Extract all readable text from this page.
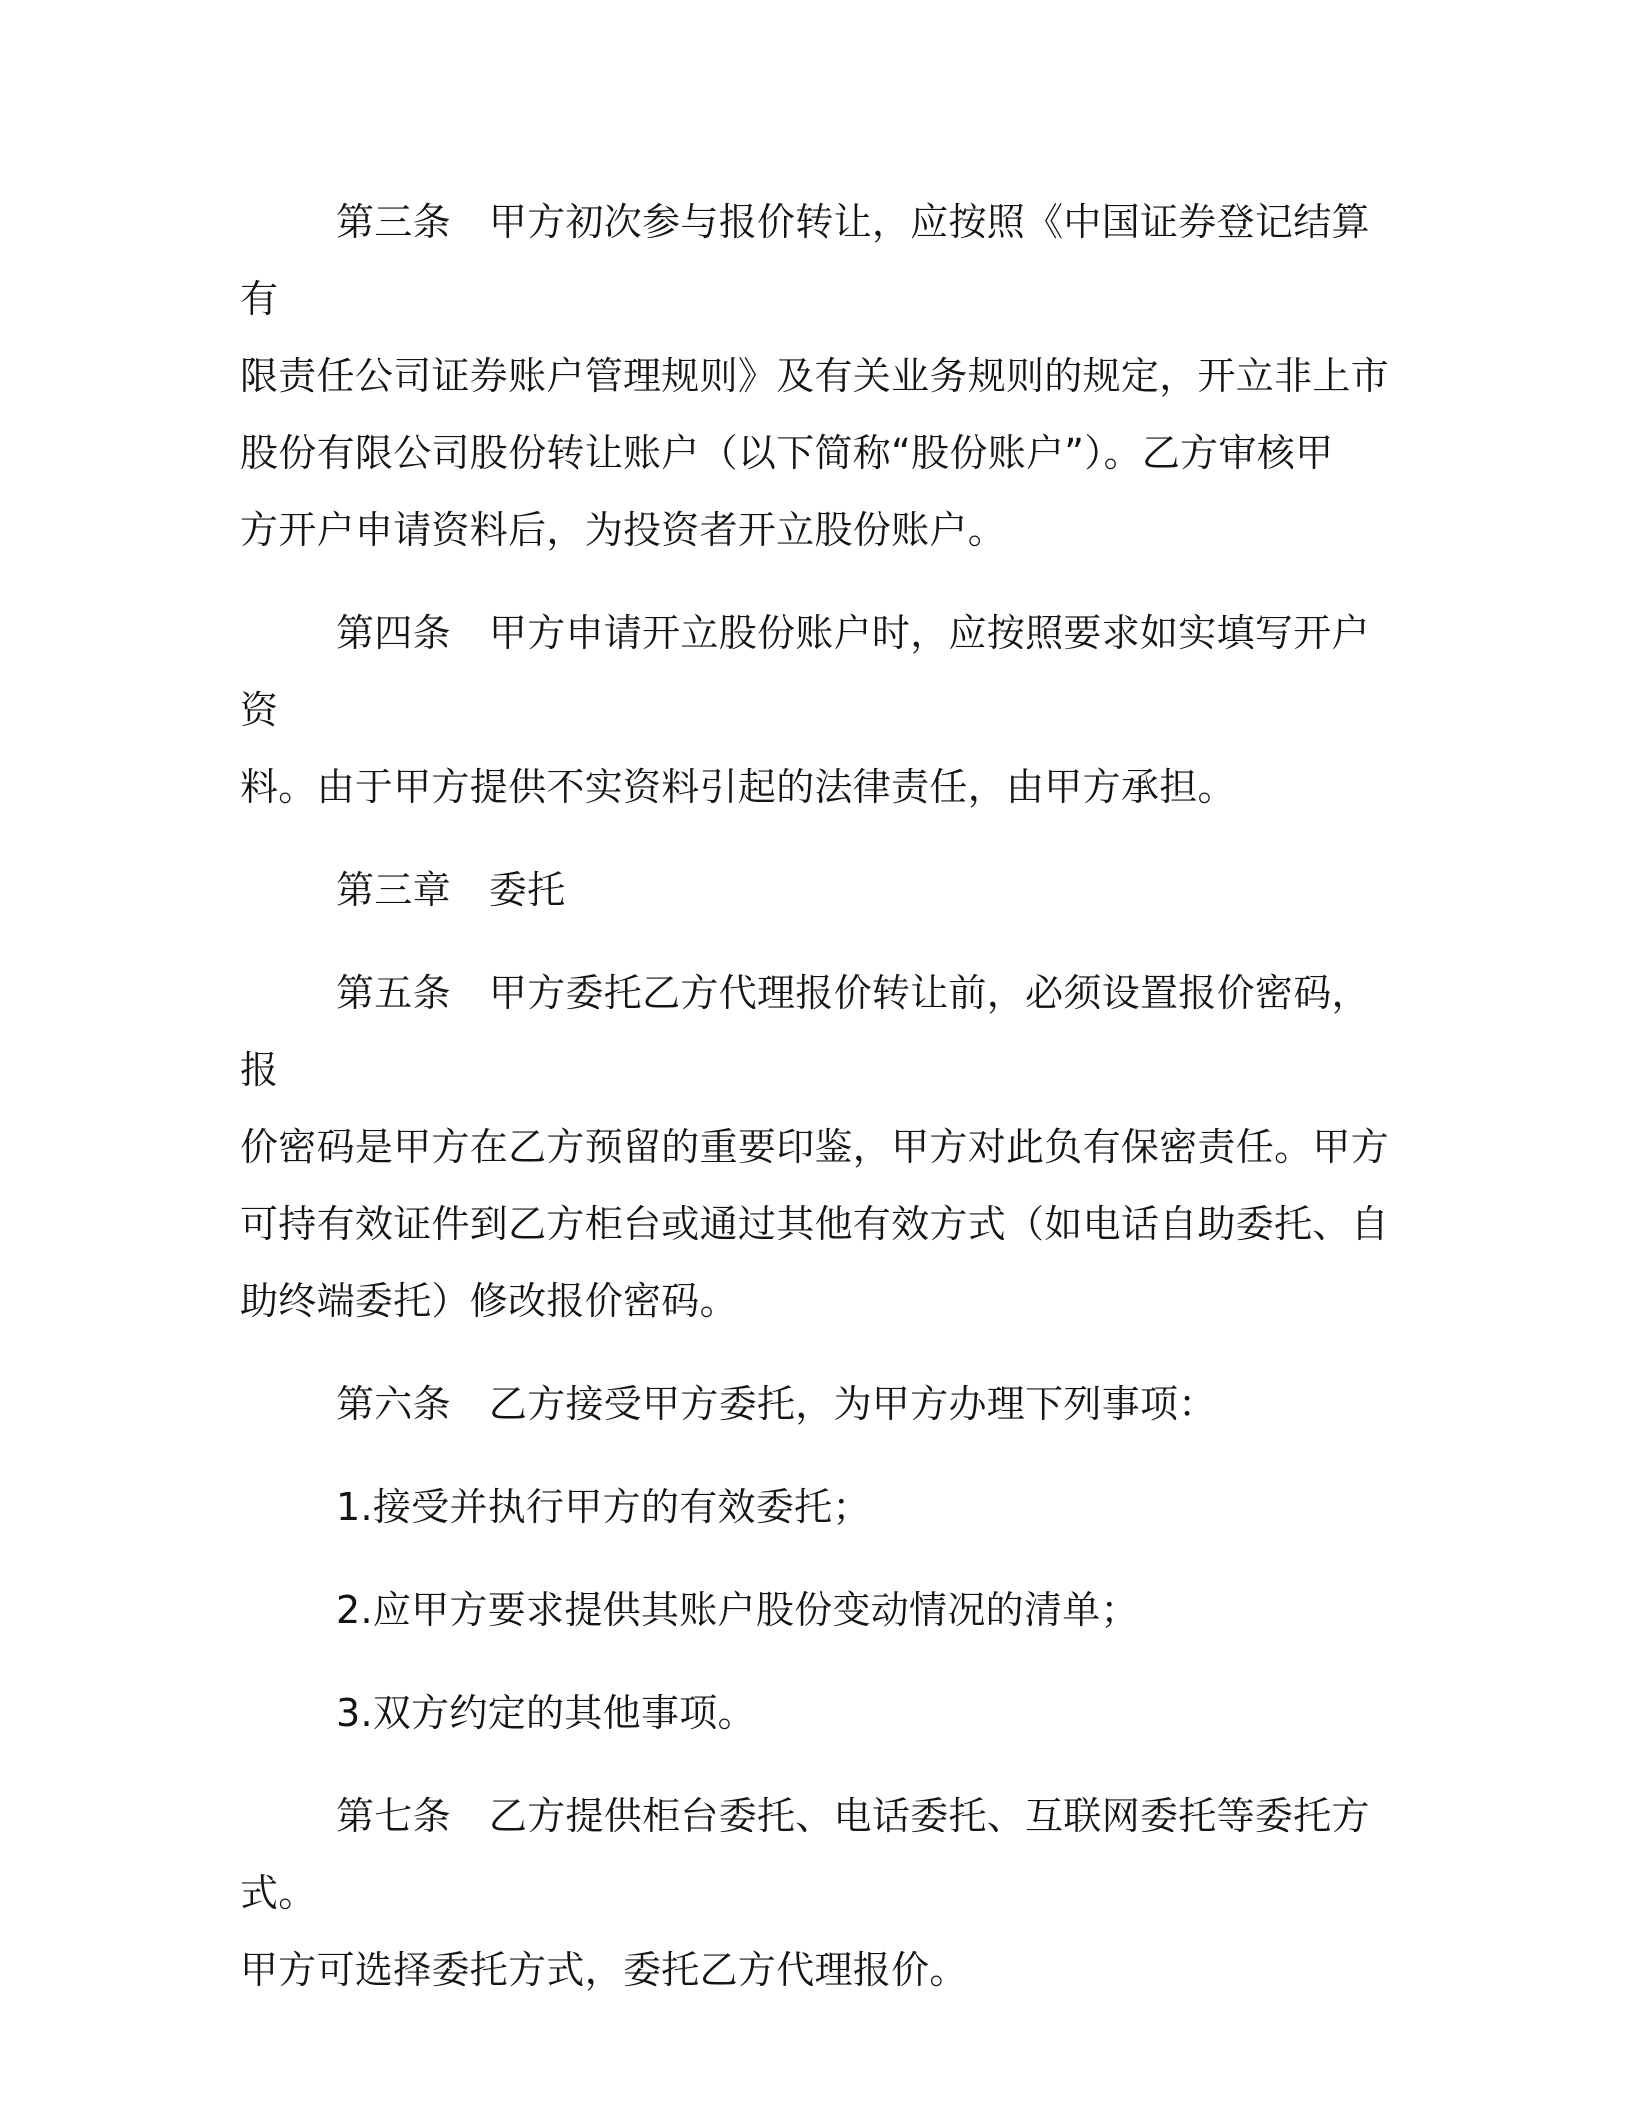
第三条 甲方初次参与报价转让，应按照《中国证券登记结算有
限责任公司证券账户管理规则》及有关业务规则的规定，开立非上市
股份有限公司股份转让账户（以下简称“股份账户”）。乙方审核甲
方开户申请资料后，为投资者开立股份账户。
第四条 甲方申请开立股份账户时，应按照要求如实填写开户资
料。由于甲方提供不实资料引起的法律责任，由甲方承担。
第三章 委托
第五条 甲方委托乙方代理报价转让前，必须设置报价密码，报
价密码是甲方在乙方预留的重要印鉴，甲方对此负有保密责任。甲方
可持有效证件到乙方柜台或通过其他有效方式（如电话自助委托、自
助终端委托）修改报价密码。
第六条 乙方接受甲方委托，为甲方办理下列事项：
1.接受并执行甲方的有效委托；
2.应甲方要求提供其账户股份变动情况的清单；
3.双方约定的其他事项。
第七条 乙方提供柜台委托、电话委托、互联网委托等委托方式。
甲方可选择委托方式，委托乙方代理报价。
